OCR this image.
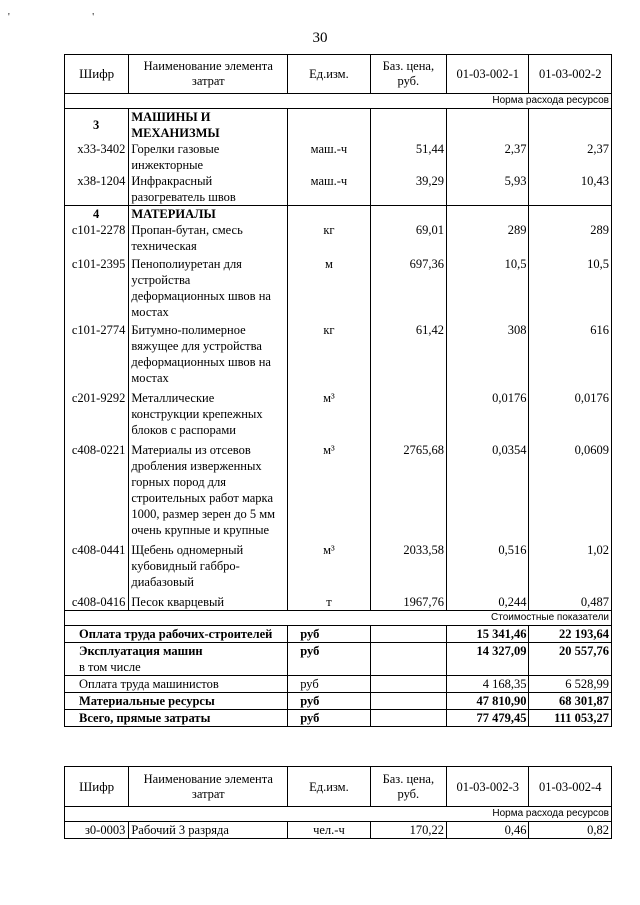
' '
30
Шифр	Наименование элемента затрат	Ед.изм.	Баз. цена, руб.	01-03-002-1	01-03-002-2
Норма расхода ресурсов					
3	МАШИНЫ И МЕХАНИЗМЫ				
х33-3402	Горелки газовые инжекторные	маш.-ч	51,44	2,37	2,37
х38-1204	Инфракрасный разогреватель швов	маш.-ч	39,29	5,93	10,43
4	МАТЕРИАЛЫ				
с101-2278	Пропан-бутан, смесь техническая	кг	69,01	289	289
с101-2395	Пенополиуретан для устройства деформационных швов на мостах	м	697,36	10,5	10,5
с101-2774	Битумно-полимерное вяжущее для устройства деформационных швов на мостах	кг	61,42	308	616
с201-9292	Металлические конструкции крепежных блоков с распорами	м³		0,0176	0,0176
с408-0221	Материалы из отсевов дробления изверженных горных пород для строительных работ марка 1000, размер зерен до 5 мм очень крупные и крупные	м³	2765,68	0,0354	0,0609
с408-0441	Щебень одномерный кубовидный габбро-диабазовый	м³	2033,58	0,516	1,02
с408-0416	Песок кварцевый	т	1967,76	0,244	0,487
Стоимостные показатели					
Оплата труда рабочих-строителей		руб		15 341,46	22 193,64
Эксплуатация машин		руб		14 327,09	20 557,76
в том числе					
Оплата труда машинистов		руб		4 168,35	6 528,99
Материальные ресурсы		руб		47 810,90	68 301,87
Всего, прямые затраты		руб		77 479,45	111 053,27
Шифр	Наименование элемента затрат	Ед.изм.	Баз. цена, руб.	01-03-002-3	01-03-002-4
Норма расхода ресурсов					
з0-0003	Рабочий 3 разряда	чел.-ч	170,22	0,46	0,82
